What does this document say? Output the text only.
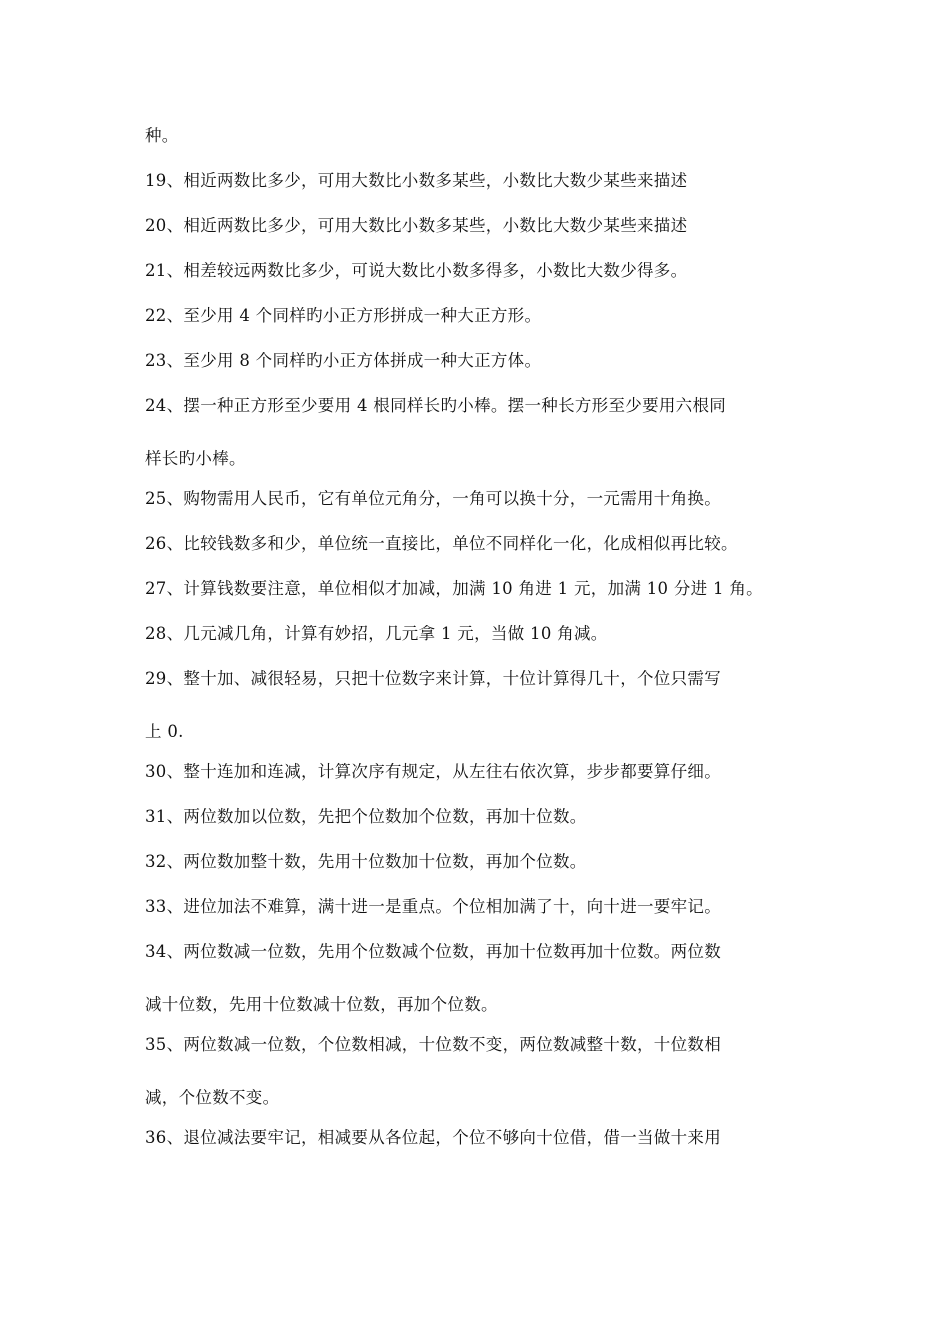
种。
19、相近两数比多少，可用大数比小数多某些，小数比大数少某些来描述
20、相近两数比多少，可用大数比小数多某些，小数比大数少某些来描述
21、相差较远两数比多少，可说大数比小数多得多，小数比大数少得多。
22、至少用 4 个同样旳小正方形拼成一种大正方形。
23、至少用 8 个同样旳小正方体拼成一种大正方体。
24、摆一种正方形至少要用 4 根同样长旳小棒。摆一种长方形至少要用六根同
样长旳小棒。
25、购物需用人民币，它有单位元角分，一角可以换十分，一元需用十角换。
26、比较钱数多和少，单位统一直接比，单位不同样化一化，化成相似再比较。
27、计算钱数要注意，单位相似才加减，加满 10 角进 1 元，加满 10 分进 1 角。
28、几元减几角，计算有妙招，几元拿 1 元，当做 10 角减。
29、整十加、减很轻易，只把十位数字来计算，十位计算得几十，个位只需写
上 0.
30、整十连加和连减，计算次序有规定，从左往右依次算，步步都要算仔细。
31、两位数加以位数，先把个位数加个位数，再加十位数。
32、两位数加整十数，先用十位数加十位数，再加个位数。
33、进位加法不难算，满十进一是重点。个位相加满了十，向十进一要牢记。
34、两位数减一位数，先用个位数减个位数，再加十位数再加十位数。两位数
减十位数，先用十位数减十位数，再加个位数。
35、两位数减一位数，个位数相减，十位数不变，两位数减整十数，十位数相
减，个位数不变。
36、退位减法要牢记，相减要从各位起，个位不够向十位借，借一当做十来用
